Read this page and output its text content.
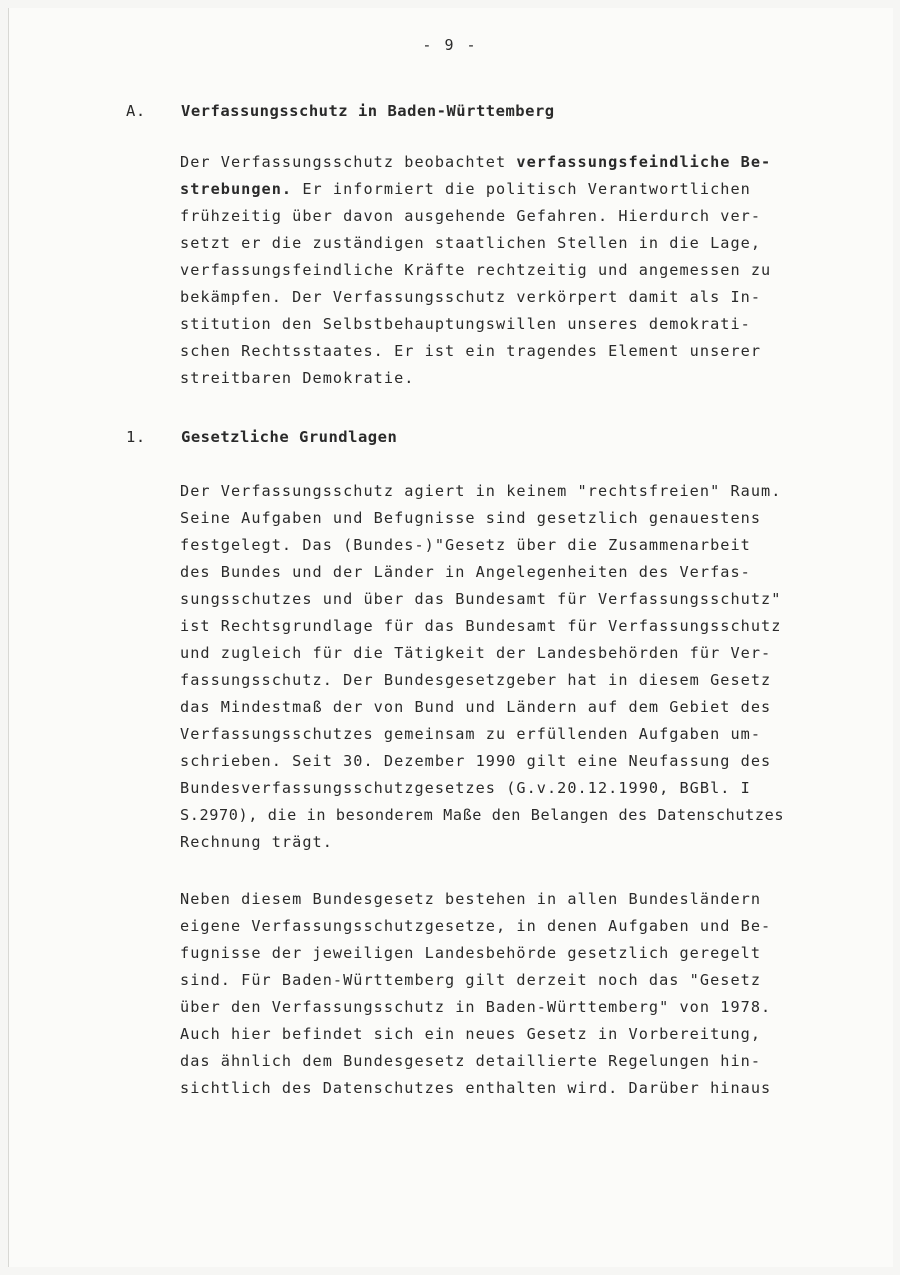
- 9 -
A. Verfassungsschutz in Baden-Württemberg
Der Verfassungsschutz beobachtet verfassungsfeindliche Be-
strebungen. Er informiert die politisch Verantwortlichen
frühzeitig über davon ausgehende Gefahren. Hierdurch ver-
setzt er die zuständigen staatlichen Stellen in die Lage,
verfassungsfeindliche Kräfte rechtzeitig und angemessen zu
bekämpfen. Der Verfassungsschutz verkörpert damit als In-
stitution den Selbstbehauptungswillen unseres demokrati-
schen Rechtsstaates. Er ist ein tragendes Element unserer
streitbaren Demokratie.
1. Gesetzliche Grundlagen
Der Verfassungsschutz agiert in keinem "rechtsfreien" Raum.
Seine Aufgaben und Befugnisse sind gesetzlich genauestens
festgelegt. Das (Bundes-)"Gesetz über die Zusammenarbeit
des Bundes und der Länder in Angelegenheiten des Verfas-
sungsschutzes und über das Bundesamt für Verfassungsschutz"
ist Rechtsgrundlage für das Bundesamt für Verfassungsschutz
und zugleich für die Tätigkeit der Landesbehörden für Ver-
fassungsschutz. Der Bundesgesetzgeber hat in diesem Gesetz
das Mindestmaß der von Bund und Ländern auf dem Gebiet des
Verfassungsschutzes gemeinsam zu erfüllenden Aufgaben um-
schrieben. Seit 30. Dezember 1990 gilt eine Neufassung des
Bundesverfassungsschutzgesetzes (G.v.20.12.1990, BGBl. I
S.2970), die in besonderem Maße den Belangen des Datenschutzes
Rechnung trägt.
Neben diesem Bundesgesetz bestehen in allen Bundesländern
eigene Verfassungsschutzgesetze, in denen Aufgaben und Be-
fugnisse der jeweiligen Landesbehörde gesetzlich geregelt
sind. Für Baden-Württemberg gilt derzeit noch das "Gesetz
über den Verfassungsschutz in Baden-Württemberg" von 1978.
Auch hier befindet sich ein neues Gesetz in Vorbereitung,
das ähnlich dem Bundesgesetz detaillierte Regelungen hin-
sichtlich des Datenschutzes enthalten wird. Darüber hinaus
